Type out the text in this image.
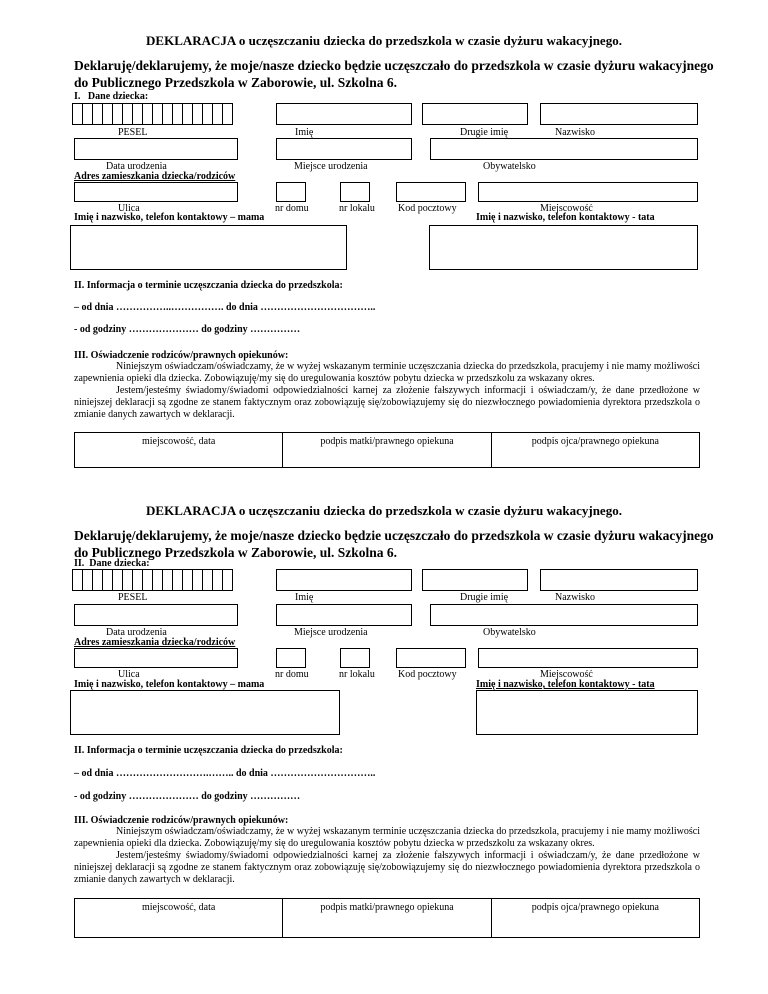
DEKLARACJA o uczęszczaniu dziecka do przedszkola w czasie dyżuru wakacyjnego.
Deklaruję/deklarujemy, że moje/nasze dziecko będzie uczęszczało do przedszkola w czasie dyżuru wakacyjnego
do Publicznego Przedszkola w Zaborowie, ul. Szkolna 6.
I. Dane dziecka:
PESEL	Imię	Drugie imię	Nazwisko
Data urodzenia	Miejsce urodzenia	Obywatelsko
Adres zamieszkania dziecka/rodziców
Ulica	nr domu	nr lokalu Kod pocztowy	Miejscowość
Imię i nazwisko, telefon kontaktowy – mama	Imię i nazwisko, telefon kontaktowy - tata
II. Informacja o terminie uczęszczania dziecka do przedszkola:
– od dnia ……………..……………. do dnia ……………………………..
- od godziny ………………… do godziny ……………
III. Oświadczenie rodziców/prawnych opiekunów:
Niniejszym oświadczam/oświadczamy, że w wyżej wskazanym terminie uczęszczania dziecka do przedszkola, pracujemy i nie mamy możliwości zapewnienia opieki dla dziecka. Zobowiązuję/my się do uregulowania kosztów pobytu dziecka w przedszkolu za wskazany okres.
Jestem/jesteśmy świadomy/świadomi odpowiedzialności karnej za złożenie fałszywych informacji i oświadczam/y, że dane przedłożone w niniejszej deklaracji są zgodne ze stanem faktycznym oraz zobowiązuję się/zobowiązujemy się do niezwłocznego powiadomienia dyrektora przedszkola o zmianie danych zawartych w deklaracji.
miejscowość, data	podpis matki/prawnego opiekuna	podpis ojca/prawnego opiekuna
DEKLARACJA o uczęszczaniu dziecka do przedszkola w czasie dyżuru wakacyjnego.
Deklaruję/deklarujemy, że moje/nasze dziecko będzie uczęszczało do przedszkola w czasie dyżuru wakacyjnego
do Publicznego Przedszkola w Zaborowie, ul. Szkolna 6.
II. Dane dziecka:
PESEL	Imię	Drugie imię	Nazwisko
Data urodzenia	Miejsce urodzenia	Obywatelsko
Adres zamieszkania dziecka/rodziców
Ulica	nr domu	nr lokalu Kod pocztowy	Miejscowość
Imię i nazwisko, telefon kontaktowy – mama	Imię i nazwisko, telefon kontaktowy - tata
II. Informacja o terminie uczęszczania dziecka do przedszkola:
– od dnia ……………………….…….. do dnia …………………………..
- od godziny ………………… do godziny ……………
III. Oświadczenie rodziców/prawnych opiekunów:
Niniejszym oświadczam/oświadczamy, że w wyżej wskazanym terminie uczęszczania dziecka do przedszkola, pracujemy i nie mamy możliwości zapewnienia opieki dla dziecka. Zobowiązuję/my się do uregulowania kosztów pobytu dziecka w przedszkolu za wskazany okres.
Jestem/jesteśmy świadomy/świadomi odpowiedzialności karnej za złożenie fałszywych informacji i oświadczam/y, że dane przedłożone w niniejszej deklaracji są zgodne ze stanem faktycznym oraz zobowiązuję się/zobowiązujemy się do niezwłocznego powiadomienia dyrektora przedszkola o zmianie danych zawartych w deklaracji.
miejscowość, data	podpis matki/prawnego opiekuna	podpis ojca/prawnego opiekuna
